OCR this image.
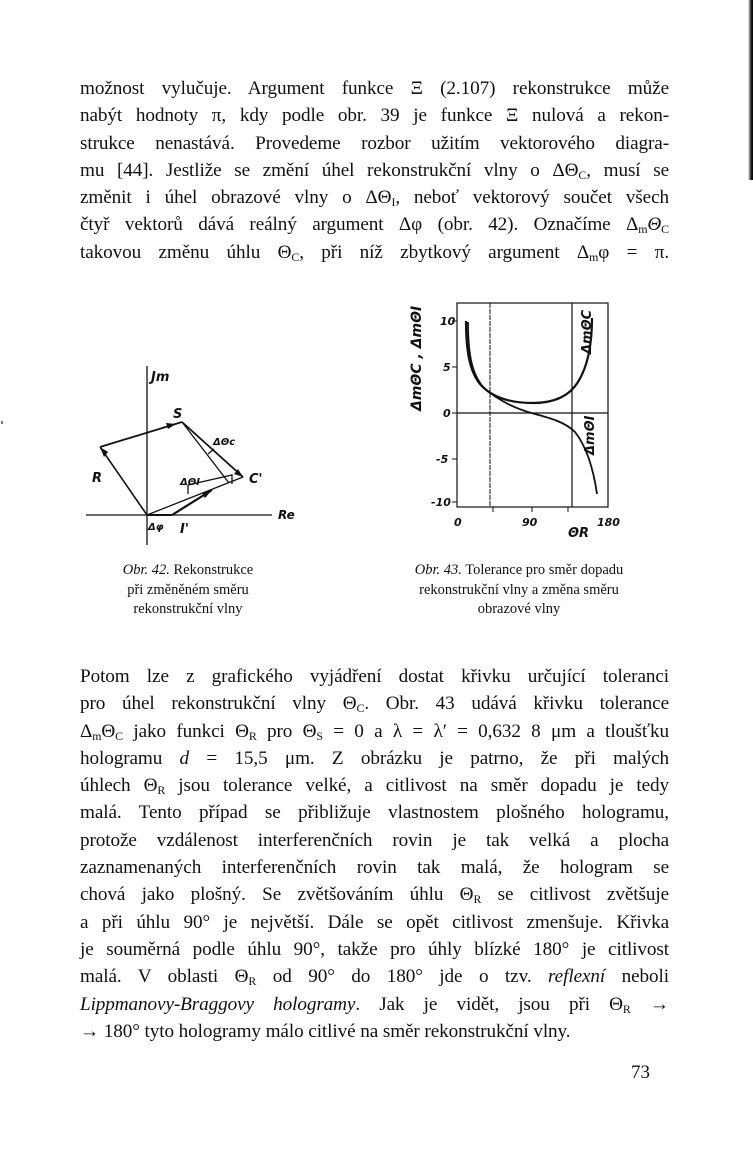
možnost vylučuje. Argument funkce Ξ (2.107) rekonstrukce může
nabýt hodnoty π, kdy podle obr. 39 je funkce Ξ nulová a rekon-
strukce nenastává. Provedeme rozbor užitím vektorového diagra-
mu [44]. Jestliže se změní úhel rekonstrukční vlny o $\Delta\Theta_C$, musí se
změnit i úhel obrazové vlny o $\Delta\Theta_I$, neboť vektorový součet všech
čtyř vektorů dává reálný argument Δφ (obr. 42). Označíme $\Delta_m\Theta_C$
takovou změnu úhlu $\Theta_C$, při níž zbytkový argument $\Delta_m\varphi = \pi$.
Jm
Re
R
S
C'
I'
ΔΘc
ΔΘI
Δφ
10
5
0
-5
-10
0	90	180
ΘR
ΔmΘC , ΔmΘI	ΔmΘC
ΔmΘI
Obr. 42. Rekonstrukce
při změněném směru
rekonstrukční vlny
Obr. 43. Tolerance pro směr dopadu
rekonstrukční vlny a změna směru
obrazové vlny
Potom lze z grafického vyjádření dostat křivku určující toleranci
pro úhel rekonstrukční vlny $\Theta_C$. Obr. 43 udává křivku tolerance
$\Delta_m\Theta_C$ jako funkci $\Theta_R$ pro $\Theta_S = 0$ a λ = λ′ = 0,632 8 μm a tloušťku
hologramu d = 15,5 μm. Z obrázku je patrno, že při malých
úhlech $\Theta_R$ jsou tolerance velké, a citlivost na směr dopadu je tedy
malá. Tento případ se přibližuje vlastnostem plošného hologramu,
protože vzdálenost interferenčních rovin je tak velká a plocha
zaznamenaných interferenčních rovin tak malá, že hologram se
chová jako plošný. Se zvětšováním úhlu $\Theta_R$ se citlivost zvětšuje
a při úhlu 90° je největší. Dále se opět citlivost zmenšuje. Křivka
je souměrná podle úhlu 90°, takže pro úhly blízké 180° je citlivost
malá. V oblasti $\Theta_R$ od 90° do 180° jde o tzv. reflexní neboli
Lippmanovy-Braggovy hologramy. Jak je vidět, jsou při $\Theta_R$ →
→ 180° tyto hologramy málo citlivé na směr rekonstrukční vlny.
73
